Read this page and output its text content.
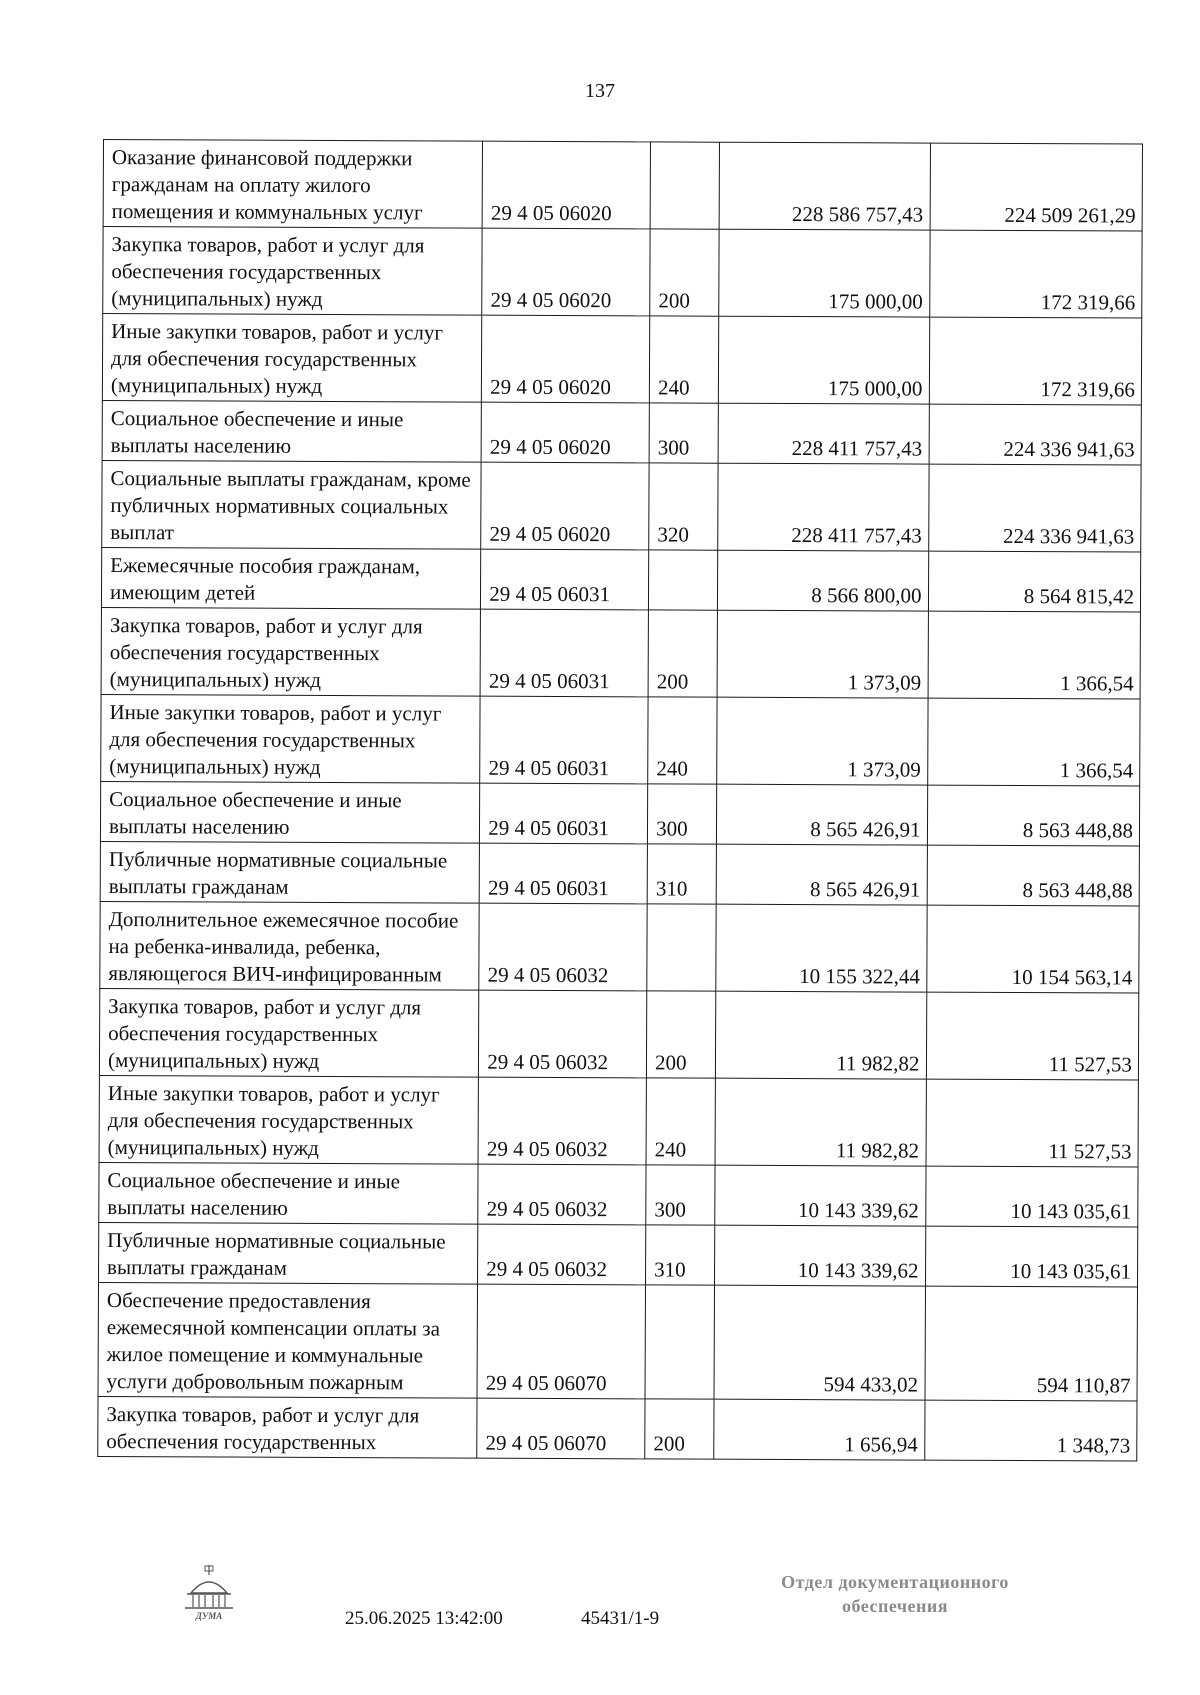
137
Оказание финансовой поддержки гражданам на оплату жилого помещения и коммунальных услуг	29 4 05 06020		228 586 757,43	224 509 261,29
Закупка товаров, работ и услуг для обеспечения государственных (муниципальных) нужд	29 4 05 06020	200	175 000,00	172 319,66
Иные закупки товаров, работ и услуг для обеспечения государственных (муниципальных) нужд	29 4 05 06020	240	175 000,00	172 319,66
Социальное обеспечение и иные выплаты населению	29 4 05 06020	300	228 411 757,43	224 336 941,63
Социальные выплаты гражданам, кроме публичных нормативных социальных выплат	29 4 05 06020	320	228 411 757,43	224 336 941,63
Ежемесячные пособия гражданам, имеющим детей	29 4 05 06031		8 566 800,00	8 564 815,42
Закупка товаров, работ и услуг для обеспечения государственных (муниципальных) нужд	29 4 05 06031	200	1 373,09	1 366,54
Иные закупки товаров, работ и услуг для обеспечения государственных (муниципальных) нужд	29 4 05 06031	240	1 373,09	1 366,54
Социальное обеспечение и иные выплаты населению	29 4 05 06031	300	8 565 426,91	8 563 448,88
Публичные нормативные социальные выплаты гражданам	29 4 05 06031	310	8 565 426,91	8 563 448,88
Дополнительное ежемесячное пособие на ребенка-инвалида, ребенка, являющегося ВИЧ-инфицированным	29 4 05 06032		10 155 322,44	10 154 563,14
Закупка товаров, работ и услуг для обеспечения государственных (муниципальных) нужд	29 4 05 06032	200	11 982,82	11 527,53
Иные закупки товаров, работ и услуг для обеспечения государственных (муниципальных) нужд	29 4 05 06032	240	11 982,82	11 527,53
Социальное обеспечение и иные выплаты населению	29 4 05 06032	300	10 143 339,62	10 143 035,61
Публичные нормативные социальные выплаты гражданам	29 4 05 06032	310	10 143 339,62	10 143 035,61
Обеспечение предоставления ежемесячной компенсации оплаты за жилое помещение и коммунальные услуги добровольным пожарным	29 4 05 06070		594 433,02	594 110,87
Закупка товаров, работ и услуг для обеспечения государственных	29 4 05 06070	200	1 656,94	1 348,73
ДУМА	25.06.2025 13:42:00	45431/1-9
Отдел документационного
обеспечения
